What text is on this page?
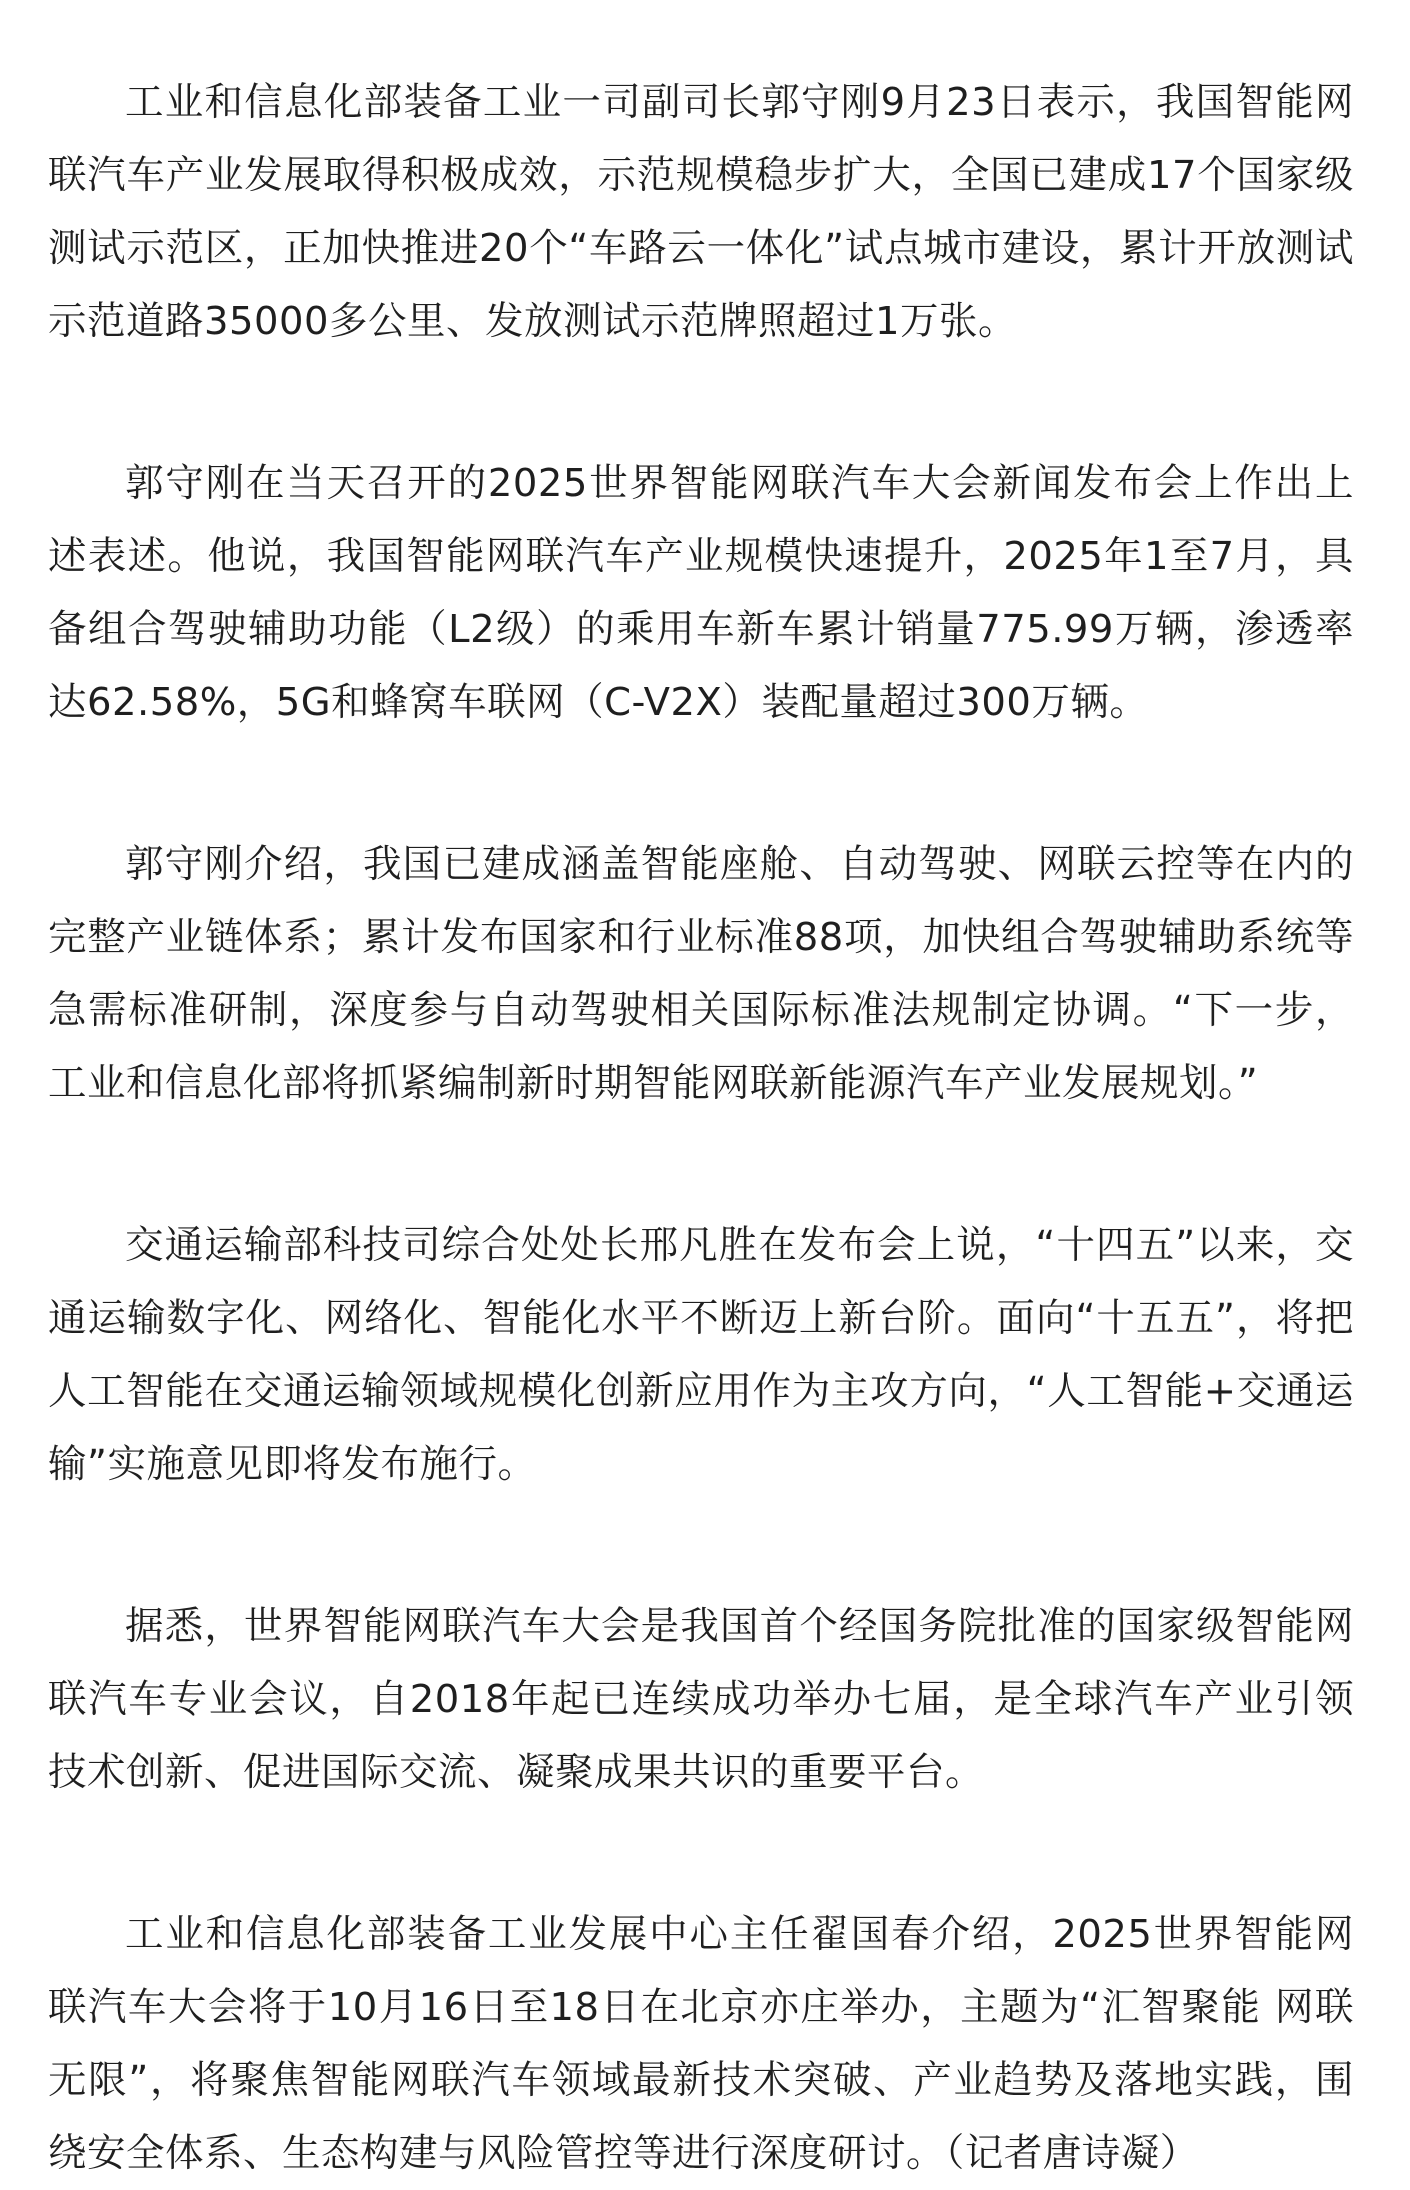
工业和信息化部装备工业一司副司长郭守刚9月23日表示，我国智能网联汽车产业发展取得积极成效，示范规模稳步扩大，全国已建成17个国家级测试示范区，正加快推进20个“车路云一体化”试点城市建设，累计开放测试示范道路35000多公里、发放测试示范牌照超过1万张。

郭守刚在当天召开的2025世界智能网联汽车大会新闻发布会上作出上述表述。他说，我国智能网联汽车产业规模快速提升，2025年1至7月，具备组合驾驶辅助功能（L2级）的乘用车新车累计销量775.99万辆，渗透率达62.58%，5G和蜂窝车联网（C-V2X）装配量超过300万辆。

郭守刚介绍，我国已建成涵盖智能座舱、自动驾驶、网联云控等在内的完整产业链体系；累计发布国家和行业标准88项，加快组合驾驶辅助系统等急需标准研制，深度参与自动驾驶相关国际标准法规制定协调。“下一步，工业和信息化部将抓紧编制新时期智能网联新能源汽车产业发展规划。”

交通运输部科技司综合处处长邢凡胜在发布会上说，“十四五”以来，交通运输数字化、网络化、智能化水平不断迈上新台阶。面向“十五五”，将把人工智能在交通运输领域规模化创新应用作为主攻方向，“人工智能+交通运输”实施意见即将发布施行。

据悉，世界智能网联汽车大会是我国首个经国务院批准的国家级智能网联汽车专业会议，自2018年起已连续成功举办七届，是全球汽车产业引领技术创新、促进国际交流、凝聚成果共识的重要平台。

工业和信息化部装备工业发展中心主任翟国春介绍，2025世界智能网联汽车大会将于10月16日至18日在北京亦庄举办，主题为“汇智聚能 网联无限”，将聚焦智能网联汽车领域最新技术突破、产业趋势及落地实践，围绕安全体系、生态构建与风险管控等进行深度研讨。（记者唐诗凝）
